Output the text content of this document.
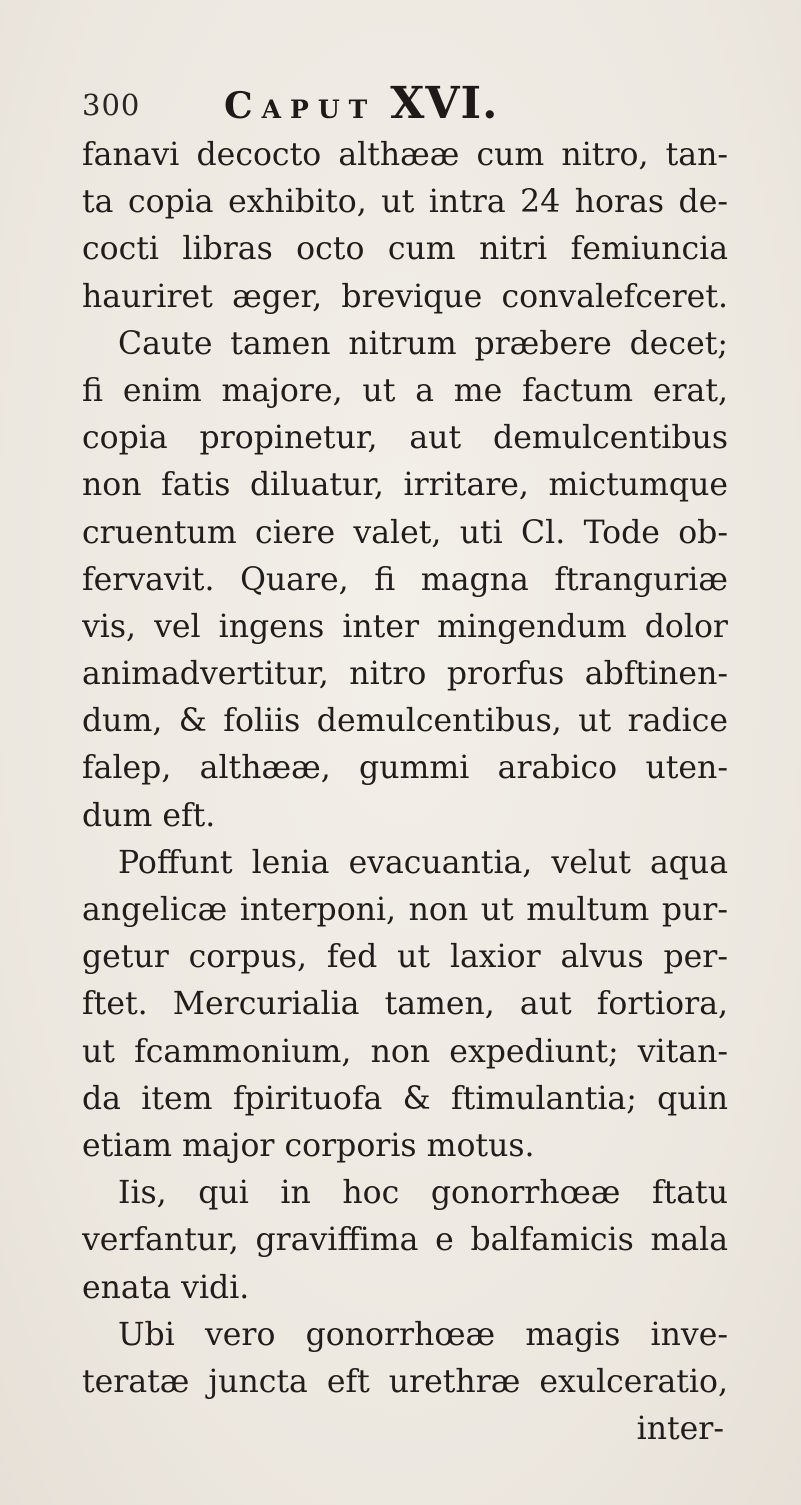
300 Caput XVI.
fanavi decocto althææ cum nitro, tan-
ta copia exhibito, ut intra 24 horas de-
cocti libras octo cum nitri femiuncia
hauriret æger, brevique convalefceret.
Caute tamen nitrum præbere decet;
fi enim majore, ut a me factum erat,
copia propinetur, aut demulcentibus
non fatis diluatur, irritare, mictumque
cruentum ciere valet, uti Cl. Tode ob-
fervavit. Quare, fi magna ftranguriæ
vis, vel ingens inter mingendum dolor
animadvertitur, nitro prorfus abftinen-
dum, & foliis demulcentibus, ut radice
falep, althææ, gummi arabico uten-
dum eft.
Poffunt lenia evacuantia, velut aqua
angelicæ interponi, non ut multum pur-
getur corpus, fed ut laxior alvus per-
ftet. Mercurialia tamen, aut fortiora,
ut fcammonium, non expediunt; vitan-
da item fpirituofa & ftimulantia; quin
etiam major corporis motus.
Iis, qui in hoc gonorrhœæ ftatu
verfantur, graviffima e balfamicis mala
enata vidi.
Ubi vero gonorrhœæ magis inve-
teratæ juncta eft urethræ exulceratio,
inter-
